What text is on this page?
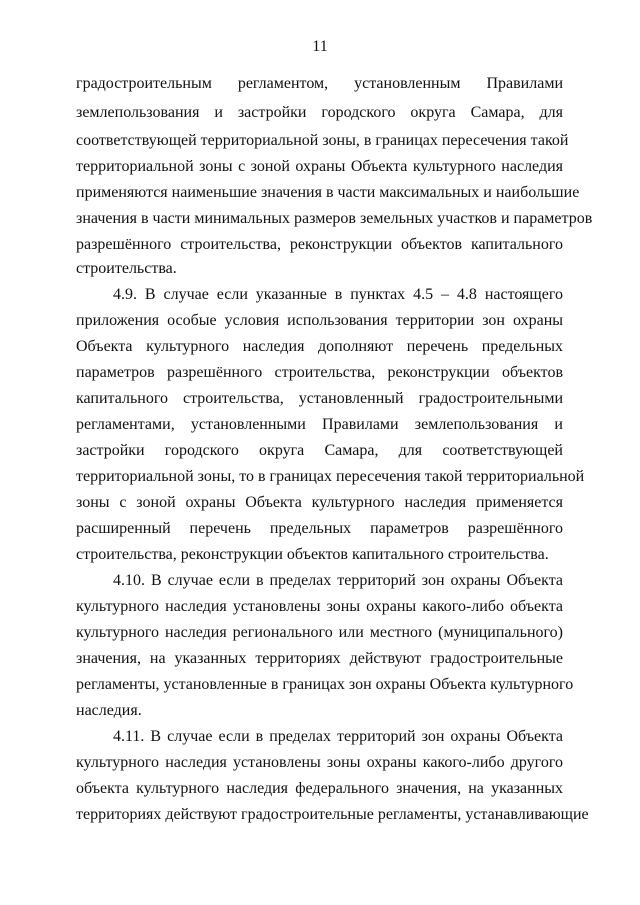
11
градостроительным регламентом, установленным Правилами
землепользования и застройки городского округа Самара, для
соответствующей территориальной зоны, в границах пересечения такой
территориальной зоны с зоной охраны Объекта культурного наследия
применяются наименьшие значения в части максимальных и наибольшие
значения в части минимальных размеров земельных участков и параметров
разрешённого строительства, реконструкции объектов капитального
строительства.
4.9. В случае если указанные в пунктах 4.5 – 4.8 настоящего
приложения особые условия использования территории зон охраны
Объекта культурного наследия дополняют перечень предельных
параметров разрешённого строительства, реконструкции объектов
капитального строительства, установленный градостроительными
регламентами, установленными Правилами землепользования и
застройки городского округа Самара, для соответствующей
территориальной зоны, то в границах пересечения такой территориальной
зоны с зоной охраны Объекта культурного наследия применяется
расширенный перечень предельных параметров разрешённого
строительства, реконструкции объектов капитального строительства.
4.10. В случае если в пределах территорий зон охраны Объекта
культурного наследия установлены зоны охраны какого-либо объекта
культурного наследия регионального или местного (муниципального)
значения, на указанных территориях действуют градостроительные
регламенты, установленные в границах зон охраны Объекта культурного
наследия.
4.11. В случае если в пределах территорий зон охраны Объекта
культурного наследия установлены зоны охраны какого-либо другого
объекта культурного наследия федерального значения, на указанных
территориях действуют градостроительные регламенты, устанавливающие
